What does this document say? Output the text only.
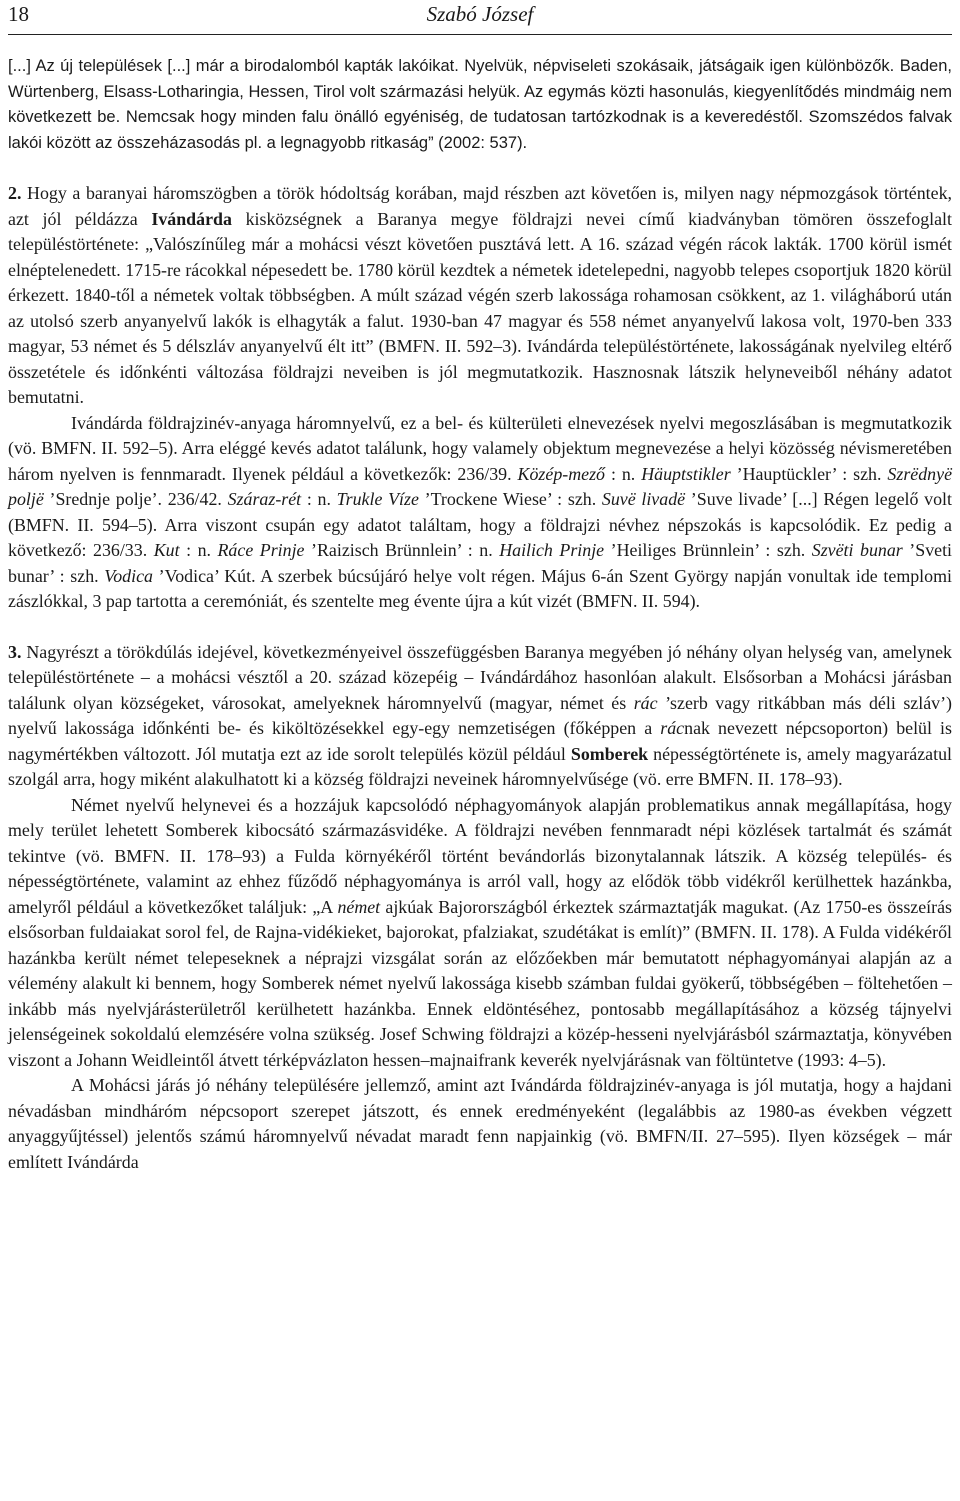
18	Szabó József

[...] Az új települések [...] már a birodalomból kapták lakóikat. Nyelvük, népviseleti szokásaik, játságaik igen különbözők. Baden, Würtenberg, Elsass-Lotharingia, Hessen, Tirol volt származási helyük. Az egymás közti hasonulás, kiegyenlítődés mindmáig nem következett be. Nemcsak hogy minden falu önálló egyéniség, de tudatosan tartózkodnak is a keveredéstől. Szomszédos falvak lakói között az összeházasodás pl. a legnagyobb ritkaság” (2002: 537).

2. Hogy a baranyai háromszögben a török hódoltság korában, majd részben azt követően is, milyen nagy népmozgások történtek, azt jól példázza Ivándárda kisközségnek a Baranya megye földrajzi nevei című kiadványban tömören összefoglalt településtörténete: „Valószínűleg már a mohácsi vészt követően pusztává lett. A 16. század végén rácok lakták. 1700 körül ismét elnéptelenedett. 1715-re rácokkal népesedett be. 1780 körül kezdtek a németek idetelepedni, nagyobb telepes csoportjuk 1820 körül érkezett. 1840-től a németek voltak többségben. A múlt század végén szerb lakossága rohamosan csökkent, az 1. világháború után az utolsó szerb anyanyelvű lakók is elhagyták a falut. 1930-ban 47 magyar és 558 német anyanyelvű lakosa volt, 1970-ben 333 magyar, 53 német és 5 délszláv anyanyelvű élt itt” (BMFN. II. 592–3). Ivándárda településtörténete, lakosságának nyelvileg eltérő összetétele és időnkénti változása földrajzi neveiben is jól megmutatkozik. Hasznosnak látszik helyneveiből néhány adatot bemutatni.

Ivándárda földrajzinév-anyaga háromnyelvű, ez a bel- és külterületi elnevezések nyelvi megoszlásában is megmutatkozik (vö. BMFN. II. 592–5). Arra eléggé kevés adatot találunk, hogy valamely objektum megnevezése a helyi közösség névismeretében három nyelven is fennmaradt. Ilyenek például a következők: 236/39. Közép-mező : n. Häuptstikler ’Hauptückler’ : szh. Szrëdnyë poljë ’Srednje polje’. 236/42. Száraz-rét : n. Trukle Víze ’Trockene Wiese’ : szh. Suvë livadë ’Suve livade’ [...] Régen legelő volt (BMFN. II. 594–5). Arra viszont csupán egy adatot találtam, hogy a földrajzi névhez népszokás is kapcsolódik. Ez pedig a következő: 236/33. Kut : n. Ráce Prinje ’Raizisch Brünnlein’ : n. Hailich Prinje ’Heiliges Brünnlein’ : szh. Szvëti bunar ’Sveti bunar’ : szh. Vodica ’Vodica’ Kút. A szerbek búcsújáró helye volt régen. Május 6-án Szent György napján vonultak ide templomi zászlókkal, 3 pap tartotta a ceremóniát, és szentelte meg évente újra a kút vizét (BMFN. II. 594).

3. Nagyrészt a törökdúlás idejével, következményeivel összefüggésben Baranya megyében jó néhány olyan helység van, amelynek településtörténete – a mohácsi vésztől a 20. század közepéig – Ivándárdához hasonlóan alakult. Elsősorban a Mohácsi járásban találunk olyan községeket, városokat, amelyeknek háromnyelvű (magyar, német és rác ’szerb vagy ritkábban más déli szláv’) nyelvű lakossága időnkénti be- és kiköltözésekkel egy-egy nemzetiségen (főképpen a rácnak nevezett népcsoporton) belül is nagymértékben változott. Jól mutatja ezt az ide sorolt település közül például Somberek népességtörténete is, amely magyarázatul szolgál arra, hogy miként alakulhatott ki a község földrajzi neveinek háromnyelvűsége (vö. erre BMFN. II. 178–93).

Német nyelvű helynevei és a hozzájuk kapcsolódó néphagyományok alapján problematikus annak megállapítása, hogy mely terület lehetett Somberek kibocsátó származásvidéke. A földrajzi nevében fennmaradt népi közlések tartalmát és számát tekintve (vö. BMFN. II. 178–93) a Fulda környékéről történt bevándorlás bizonytalannak látszik. A község település- és népességtörténete, valamint az ehhez fűződő néphagyománya is arról vall, hogy az elődök több vidékről kerülhettek hazánkba, amelyről például a következőket találjuk: „A német ajkúak Bajorországból érkeztek származtatják magukat. (Az 1750-es összeírás elsősorban fuldaiakat sorol fel, de Rajna-vidékieket, bajorokat, pfalziakat, szudétákat is említ)” (BMFN. II. 178). A Fulda vidékéről hazánkba került német telepeseknek a néprajzi vizsgálat során az előzőekben már bemutatott néphagyományai alapján az a vélemény alakult ki bennem, hogy Somberek német nyelvű lakossága kisebb számban fuldai gyökerű, többségében – föltehetően – inkább más nyelvjárásterületről kerülhetett hazánkba. Ennek eldöntéséhez, pontosabb megállapításához a község tájnyelvi jelenségeinek sokoldalú elemzésére volna szükség. Josef Schwing földrajzi a közép-hesseni nyelvjárásból származtatja, könyvében viszont a Johann Weidleintől átvett térképvázlaton hessen–majnaifrank keverék nyelvjárásnak van föltüntetve (1993: 4–5).

A Mohácsi járás jó néhány településére jellemző, amint azt Ivándárda földrajzinév-anyaga is jól mutatja, hogy a hajdani névadásban mindháróm népcsoport szerepet játszott, és ennek eredményeként (legalábbis az 1980-as években végzett anyaggyűjtéssel) jelentős számú háromnyelvű névadat maradt fenn napjainkig (vö. BMFN/II. 27–595). Ilyen községek – már említett Ivándárda
